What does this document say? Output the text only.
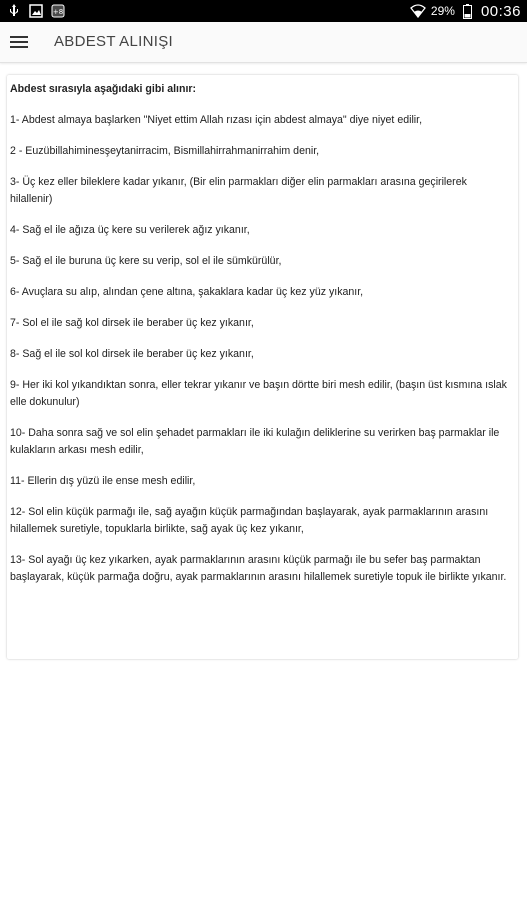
+8	29% 00:36
ABDEST ALINIŞI
Abdest sırasıyla aşağıdaki gibi alınır:
1- Abdest almaya başlarken "Niyet ettim Allah rızası için abdest almaya" diye niyet edilir,
2 - Euzübillahiminesşeytanirracim, Bismillahirrahmanirrahim denir,
3- Üç kez eller bileklere kadar yıkanır, (Bir elin parmakları diğer elin parmakları arasına geçirilerek hilallenir)
4- Sağ el ile ağıza üç kere su verilerek ağız yıkanır,
5- Sağ el ile buruna üç kere su verip, sol el ile sümkürülür,
6- Avuçlara su alıp, alından çene altına, şakaklara kadar üç kez yüz yıkanır,
7- Sol el ile sağ kol dirsek ile beraber üç kez yıkanır,
8- Sağ el ile sol kol dirsek ile beraber üç kez yıkanır,
9- Her iki kol yıkandıktan sonra, eller tekrar yıkanır ve başın dörtte biri mesh edilir, (başın üst kısmına ıslak elle dokunulur)
10- Daha sonra sağ ve sol elin şehadet parmakları ile iki kulağın deliklerine su verirken baş parmaklar ile kulakların arkası mesh edilir,
11- Ellerin dış yüzü ile ense mesh edilir,
12- Sol elin küçük parmağı ile, sağ ayağın küçük parmağından başlayarak, ayak parmaklarının arasını hilallemek suretiyle, topuklarla birlikte, sağ ayak üç kez yıkanır,
13- Sol ayağı üç kez yıkarken, ayak parmaklarının arasını küçük parmağı ile bu sefer baş parmaktan başlayarak, küçük parmağa doğru, ayak parmaklarının arasını hilallemek suretiyle topuk ile birlikte yıkanır.
